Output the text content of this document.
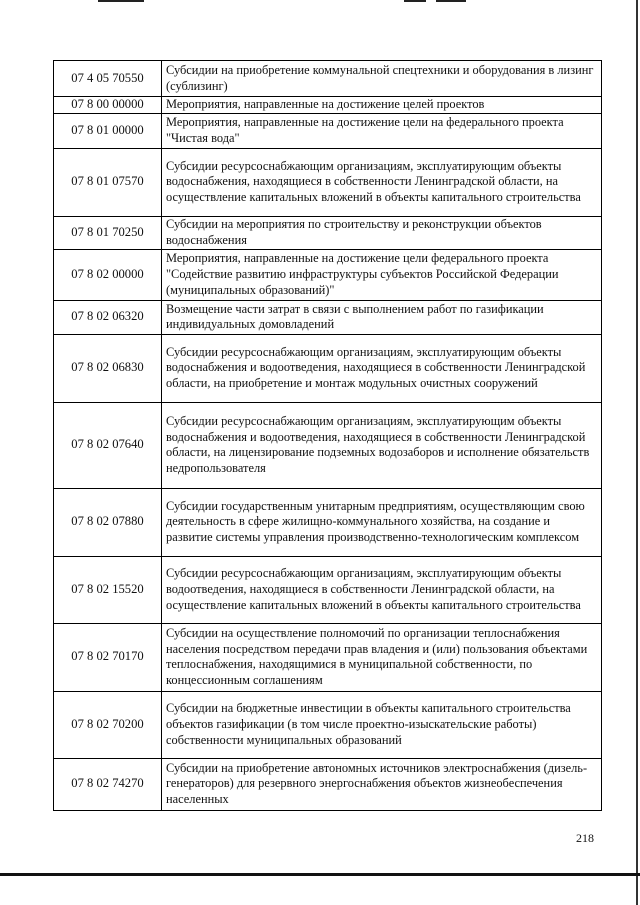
07 4 05 70550	Субсидии на приобретение коммунальной спецтехники и оборудования в лизинг (сублизинг)
07 8 00 00000	Мероприятия, направленные на достижение целей проектов
07 8 01 00000	Мероприятия, направленные на достижение цели на федерального проекта "Чистая вода"
07 8 01 07570	Субсидии ресурсоснабжающим организациям, эксплуатирующим объекты водоснабжения, находящиеся в собственности Ленинградской области, на осуществление капитальных вложений в объекты капитального строительства
07 8 01 70250	Субсидии на мероприятия по строительству и реконструкции объектов водоснабжения
07 8 02 00000	Мероприятия, направленные на достижение цели федерального проекта "Содействие развитию инфраструктуры субъектов Российской Федерации (муниципальных образований)"
07 8 02 06320	Возмещение части затрат в связи с выполнением работ по газификации индивидуальных домовладений
07 8 02 06830	Субсидии ресурсоснабжающим организациям, эксплуатирующим объекты водоснабжения и водоотведения, находящиеся в собственности Ленинградской области, на приобретение и монтаж модульных очистных сооружений
07 8 02 07640	Субсидии ресурсоснабжающим организациям, эксплуатирующим объекты водоснабжения и водоотведения, находящиеся в собственности Ленинградской области, на лицензирование подземных водозаборов и исполнение обязательств недропользователя
07 8 02 07880	Субсидии государственным унитарным предприятиям, осуществляющим свою деятельность в сфере жилищно-коммунального хозяйства, на создание и развитие системы управления производственно-технологическим комплексом
07 8 02 15520	Субсидии ресурсоснабжающим организациям, эксплуатирующим объекты водоотведения, находящиеся в собственности Ленинградской области, на осуществление капитальных вложений в объекты капитального строительства
07 8 02 70170	Субсидии на осуществление полномочий по организации теплоснабжения населения посредством передачи прав владения и (или) пользования объектами теплоснабжения, находящимися в муниципальной собственности, по концессионным соглашениям
07 8 02 70200	Субсидии на бюджетные инвестиции в объекты капитального строительства объектов газификации (в том числе проектно-изыскательские работы) собственности муниципальных образований
07 8 02 74270	Субсидии на приобретение автономных источников электроснабжения (дизель-генераторов) для резервного энергоснабжения объектов жизнеобеспечения населенных
218
